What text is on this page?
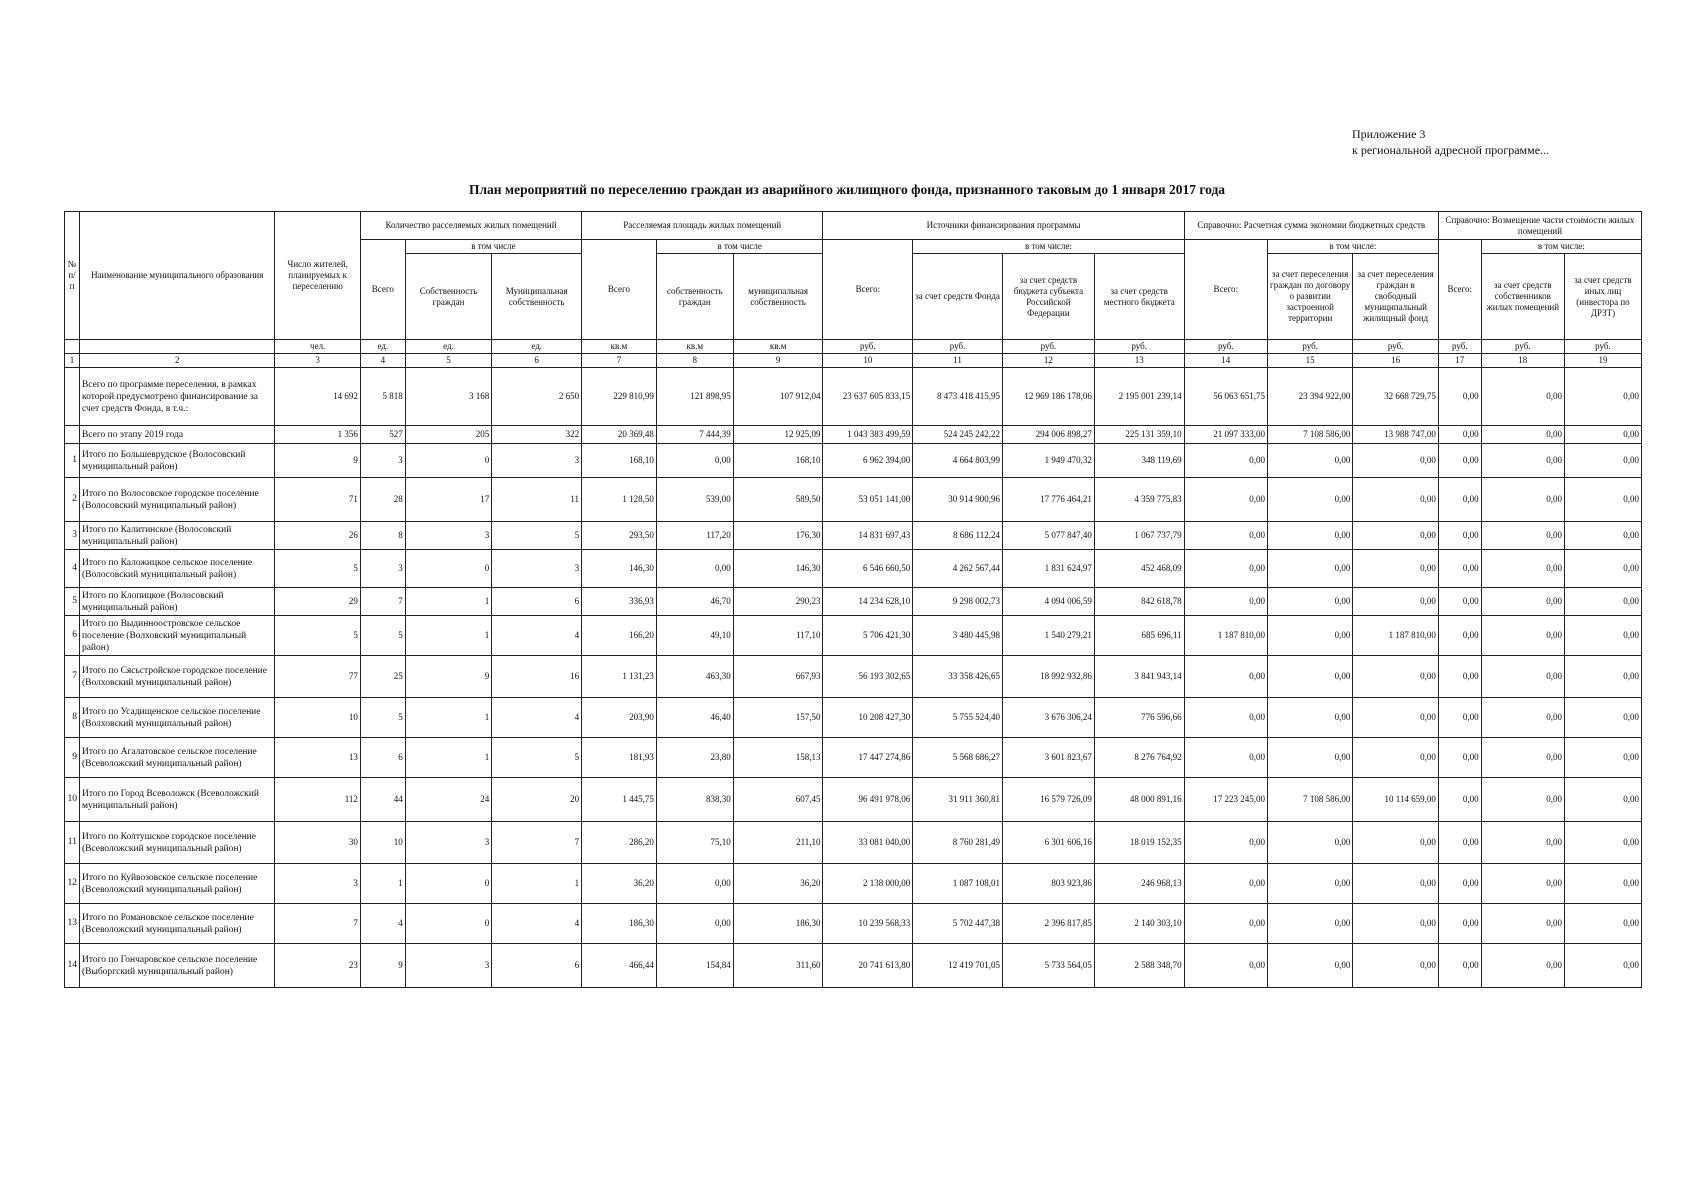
Приложение 3
к региональной адресной программе...
План мероприятий по переселению граждан из аварийного жилищного фонда, признанного таковым до 1 января 2017 года
№ п/ п	Наименование муниципального образования	Число жителей, планируемых к переселению	Количество расселяемых жилых помещений			Расселяемая площадь жилых помещений			Источники финансирования программы				Справочно: Расчетная сумма экономии бюджетных средств			Справочно: Возмещение части стоимости жилых помещений		
			Всего	в том числе		Всего	в том числе		Всего:	в том числе:			Всего:	в том числе:		Всего:	в том числе:	
				Собственность граждан	Муниципальная собственность		собственность граждан	муниципальная собственность		за счет средств Фонда	за счет средств бюджета субъекта Российской Федерации	за счет средств местного бюджета		за счет переселения граждан по договору о развитии застроенной территории	за счет переселения граждан в свободный муниципальный жилищный фонд		за счет средств собственников жилых помещений	за счет средств иных лиц (инвестора по ДРЗТ)
		чел.	ед.	ед.	ед.	кв.м	кв.м	кв.м	руб.	руб.	руб.	руб.	руб.	руб.	руб.	руб.	руб.	руб.
1	2	3	4	5	6	7	8	9	10	11	12	13	14	15	16	17	18	19
	Всего по программе переселения, в рамках которой предусмотрено финансирование за счет средств Фонда, в т.ч.:	14 692	5 818	3 168	2 650	229 810,99	121 898,95	107 912,04	23 637 605 833,15	8 473 418 415,95	12 969 186 178,06	2 195 001 239,14	56 063 651,75	23 394 922,00	32 668 729,75	0,00	0,00	0,00
	Всего по этапу 2019 года	1 356	527	205	322	20 369,48	7 444,39	12 925,09	1 043 383 499,59	524 245 242,22	294 006 898,27	225 131 359,10	21 097 333,00	7 108 586,00	13 988 747,00	0,00	0,00	0,00
1	Итого по Большеврудское (Волосовский муниципальный район)	9	3	0	3	168,10	0,00	168,10	6 962 394,00	4 664 803,99	1 949 470,32	348 119,69	0,00	0,00	0,00	0,00	0,00	0,00
2	Итого по Волосовское городское поселение (Волосовский муниципальный район)	71	28	17	11	1 128,50	539,00	589,50	53 051 141,00	30 914 900,96	17 776 464,21	4 359 775,83	0,00	0,00	0,00	0,00	0,00	0,00
3	Итого по Калитинское (Волосовский муниципальный район)	26	8	3	5	293,50	117,20	176,30	14 831 697,43	8 686 112,24	5 077 847,40	1 067 737,79	0,00	0,00	0,00	0,00	0,00	0,00
4	Итого по Каложицкое сельское поселение (Волосовский муниципальный район)	5	3	0	3	146,30	0,00	146,30	6 546 660,50	4 262 567,44	1 831 624,97	452 468,09	0,00	0,00	0,00	0,00	0,00	0,00
5	Итого по Клопицкое (Волосовский муниципальный район)	29	7	1	6	336,93	46,70	290,23	14 234 628,10	9 298 002,73	4 094 006,59	842 618,78	0,00	0,00	0,00	0,00	0,00	0,00
6	Итого по Выдинноостровское сельское поселение (Волховский муниципальный район)	5	5	1	4	166,20	49,10	117,10	5 706 421,30	3 480 445,98	1 540 279,21	685 696,11	1 187 810,00	0,00	1 187 810,00	0,00	0,00	0,00
7	Итого по Сясьстройское городское поселение (Волховский муниципальный район)	77	25	9	16	1 131,23	463,30	667,93	56 193 302,65	33 358 426,65	18 992 932,86	3 841 943,14	0,00	0,00	0,00	0,00	0,00	0,00
8	Итого по Усадищенское сельское поселение (Волховский муниципальный район)	10	5	1	4	203,90	46,40	157,50	10 208 427,30	5 755 524,40	3 676 306,24	776 596,66	0,00	0,00	0,00	0,00	0,00	0,00
9	Итого по Агалатовское сельское поселение (Всеволожский муниципальный район)	13	6	1	5	181,93	23,80	158,13	17 447 274,86	5 568 686,27	3 601 823,67	8 276 764,92	0,00	0,00	0,00	0,00	0,00	0,00
10	Итого по Город Всеволожск (Всеволожский муниципальный район)	112	44	24	20	1 445,75	838,30	607,45	96 491 978,06	31 911 360,81	16 579 726,09	48 000 891,16	17 223 245,00	7 108 586,00	10 114 659,00	0,00	0,00	0,00
11	Итого по Колтушское городское поселение (Всеволожский муниципальный район)	30	10	3	7	286,20	75,10	211,10	33 081 040,00	8 760 281,49	6 301 606,16	18 019 152,35	0,00	0,00	0,00	0,00	0,00	0,00
12	Итого по Куйвозовское сельское поселение (Всеволожский муниципальный район)	3	1	0	1	36,20	0,00	36,20	2 138 000,00	1 087 108,01	803 923,86	246 968,13	0,00	0,00	0,00	0,00	0,00	0,00
13	Итого по Романовское сельское поселение (Всеволожский муниципальный район)	7	4	0	4	186,30	0,00	186,30	10 239 568,33	5 702 447,38	2 396 817,85	2 140 303,10	0,00	0,00	0,00	0,00	0,00	0,00
14	Итого по Гончаровское сельское поселение (Выборгский муниципальный район)	23	9	3	6	466,44	154,84	311,60	20 741 613,80	12 419 701,05	5 733 564,05	2 588 348,70	0,00	0,00	0,00	0,00	0,00	0,00
